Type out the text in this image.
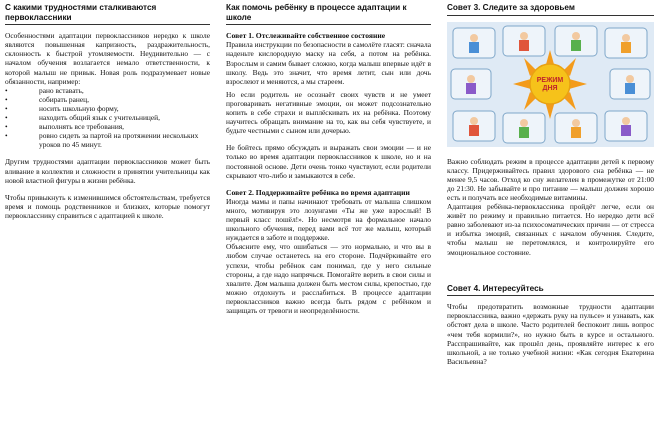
С какими трудностями сталкиваются первоклассники

Особенностями адаптации первоклассников нередко к школе являются повышенная капризность, раздражительность, склонность к быстрой утомляемости. Неудивительно — с началом обучения возлагается немало ответственности, к которой малыш не привык. Новая роль подразумевает новые обязанности, например:

•	рано вставать,
•	собирать ранец,
•	носить школьную форму,
•	находить общий язык с учительницей,
•	выполнять все требования,
•	ровно сидеть за партой на протяжении нескольких уроков по 45 минут.

Другим трудностями адаптации первоклассников может быть вливание в коллектив и сложности в принятии учительницы как новой властной фигуры в жизни ребёнка.

Чтобы привыкнуть к изменившимся обстоятельствам, требуется время и помощь родственников и близких, которые помогут первокласснику справиться с адаптацией к школе.

Как помочь ребёнку в процессе адаптации к школе
Совет 1. Отслеживайте собственное состояние

Правила инструкции по безопасности в самолёте гласят: сначала наденьте кислородную маску на себя, а потом на ребёнка. Взрослым и самим бывает сложно, когда малыш впервые идёт в школу. Ведь это значит, что время летит, сын или дочь взрослеют и меняются, а мы стареем.

Но если родитель не осознаёт своих чувств и не умеет проговаривать негативные эмоции, он может подсознательно копить в себе страхи и выплёскивать их на ребёнка. Поэтому научитесь обращать внимание на то, как вы себя чувствуете, и будьте честными с сыном или дочерью.

Не бойтесь прямо обсуждать и выражать свои эмоции — и не только во время адаптации первоклассников к школе, но и на постоянной основе. Дети очень тонко чувствуют, если родители скрывают что-либо и замыкаются в себе.

Совет 2. Поддерживайте ребёнка во время адаптации

Иногда мамы и папы начинают требовать от малыша слишком много, мотивируя это лозунгами «Ты же уже взрослый! В первый класс пошёл!». Но несмотря на формальное начало школьного обучения, перед вами всё тот же малыш, который нуждается в заботе и поддержке.

Объясните ему, что ошибаться — это нормально, и что вы в любом случае останетесь на его стороне. Подчёркивайте его успехи, чтобы ребёнок сам понимал, где у него сильные стороны, а где надо напрячься. Помогайте верить в свои силы и хвалите. Дом малыша должен быть местом силы, крепостью, где можно отдохнуть и расслабиться. В процессе адаптации первоклассников важно всегда быть рядом с ребёнком и защищать от тревоги и неопределённости.

Совет 3. Следите за здоровьем
РЕЖИМ ДНЯ

Важно соблюдать режим в процессе адаптации детей к первому классу. Придерживайтесь правил здорового сна ребёнка — не менее 9,5 часов. Отход ко сну желателен в промежутке от 21:00 до 21:30. Не забывайте и про питание — малыш должен хорошо есть и получать все необходимые витамины.

Адаптация ребёнка-первоклассника пройдёт легче, если он живёт по режиму и правильно питается. Но нередко дети всё равно заболевают из-за психосоматических причин — от стресса и избытка эмоций, связанных с началом обучения. Следите, чтобы малыш не перетомлялся, и контролируйте его эмоциональное состояние.

Совет 4. Интересуйтесь

Чтобы предотвратить возможные трудности адаптации первоклассника, важно «держать руку на пульсе» и узнавать, как обстоят дела в школе. Часто родителей беспокоит лишь вопрос «чем тебя кормили?», но нужно быть в курсе и остального. Расспрашивайте, как прошёл день, проявляйте интерес к его школьной, а не только учебной жизни: «Как сегодня Екатерина Васильевна?
